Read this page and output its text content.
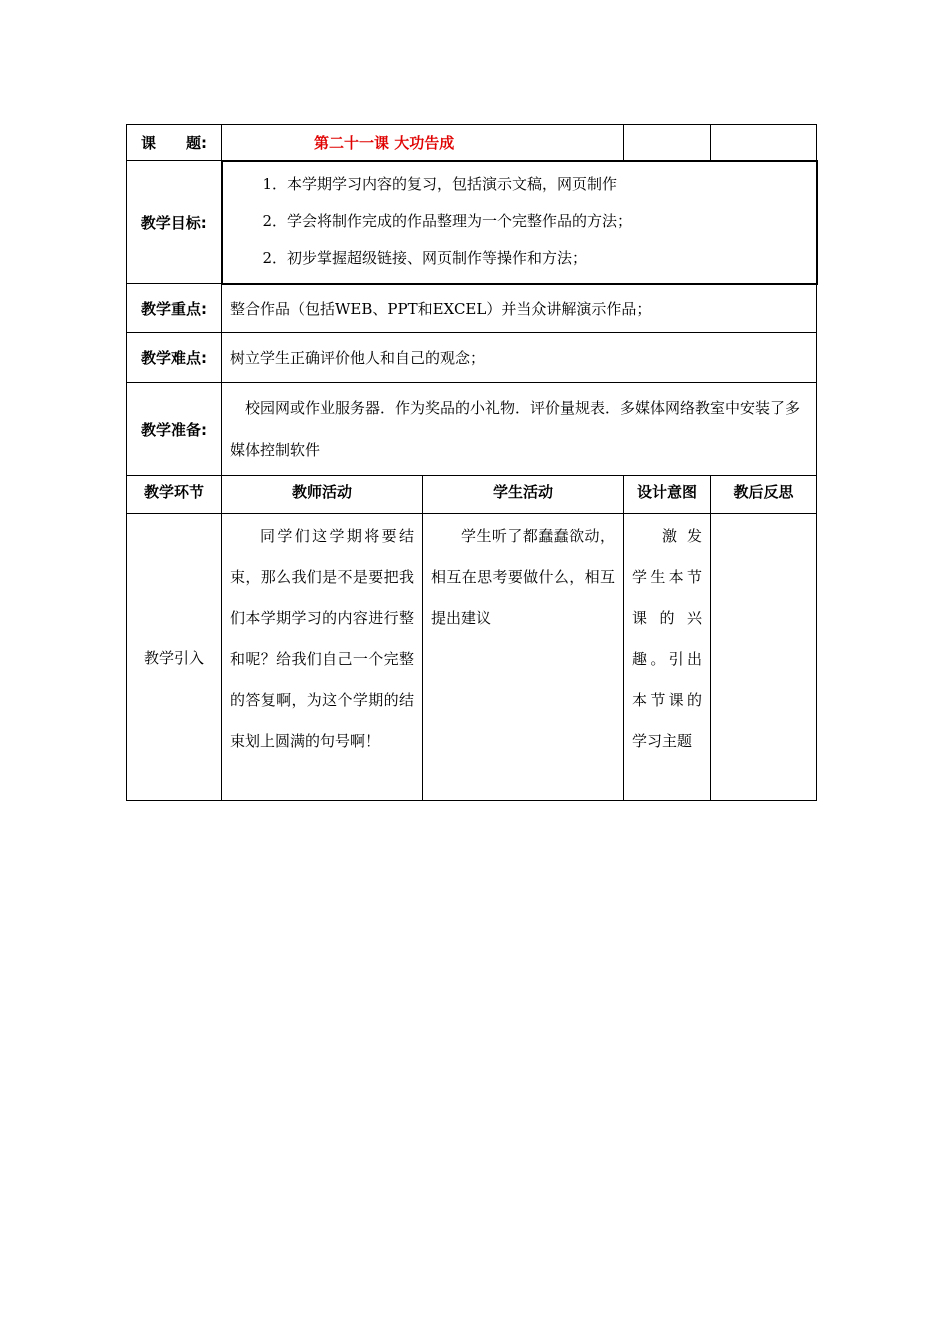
课　　题:	第二十一课 大功告成			
教学目标:	1．本学期学习内容的复习，包括演示文稿，网页制作
2．学会将制作完成的作品整理为一个完整作品的方法；
2．初步掌握超级链接、网页制作等操作和方法；			

教学重点:	整合作品（包括WEB、PPT和EXCEL）并当众讲解演示作品；			
教学难点:	树立学生正确评价他人和自己的观念；			
教学准备:	校园网或作业服务器．作为奖品的小礼物．评价量规表．多媒体网络教室中安装了多媒体控制软件			
教学环节	教师活动	学生活动	设计意图	教后反思
教学引入	同学们这学期将要结束，那么我们是不是要把我们本学期学习的内容进行整和呢？给我们自己一个完整的答复啊，为这个学期的结束划上圆满的句号啊！	学生听了都蠢蠢欲动，相互在思考要做什么，相互提出建议	激发学生本节课的兴趣。引出本节课的学习主题	
